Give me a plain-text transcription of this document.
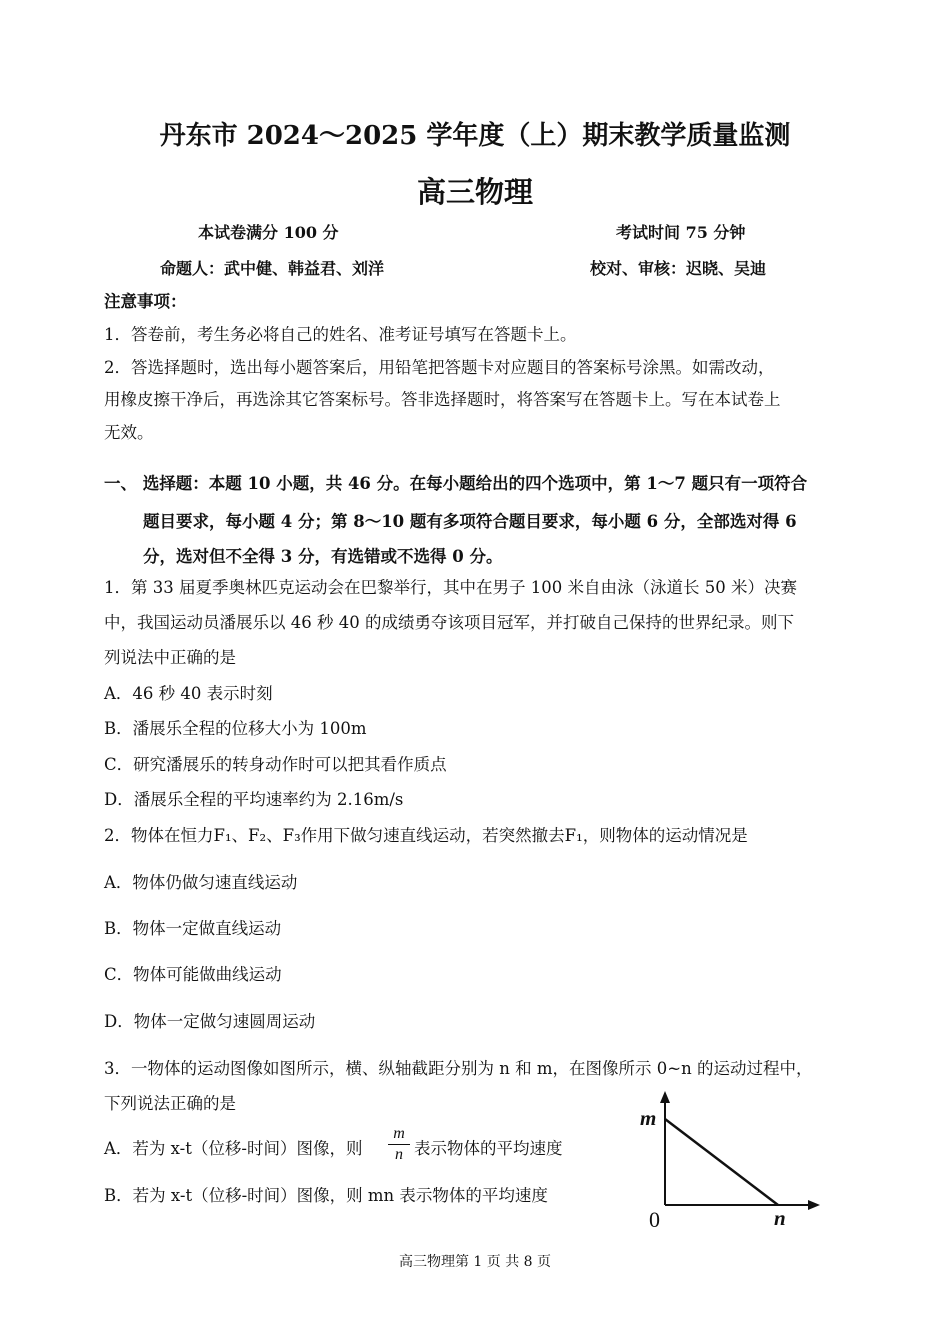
丹东市 2024～2025 学年度（上）期末教学质量监测
高三物理
本试卷满分 100 分	考试时间 75 分钟
命题人：武中健、韩益君、刘洋	校对、审核：迟晓、吴迪
注意事项：
1．答卷前，考生务必将自己的姓名、准考证号填写在答题卡上。
2．答选择题时，选出每小题答案后，用铅笔把答题卡对应题目的答案标号涂黑。如需改动，
用橡皮擦干净后，再选涂其它答案标号。答非选择题时，将答案写在答题卡上。写在本试卷上
无效。
一、 选择题：本题 10 小题，共 46 分。在每小题给出的四个选项中，第 1～7 题只有一项符合
题目要求，每小题 4 分；第 8～10 题有多项符合题目要求，每小题 6 分，全部选对得 6
分，选对但不全得 3 分，有选错或不选得 0 分。
1．第 33 届夏季奥林匹克运动会在巴黎举行，其中在男子 100 米自由泳（泳道长 50 米）决赛
中，我国运动员潘展乐以 46 秒 40 的成绩勇夺该项目冠军，并打破自己保持的世界纪录。则下
列说法中正确的是
A．46 秒 40 表示时刻
B．潘展乐全程的位移大小为 100m
C．研究潘展乐的转身动作时可以把其看作质点
D．潘展乐全程的平均速率约为 2.16m/s
2．物体在恒力F₁、F₂、F₃作用下做匀速直线运动，若突然撤去F₁，则物体的运动情况是
A．物体仍做匀速直线运动
B．物体一定做直线运动
C．物体可能做曲线运动
D．物体一定做匀速圆周运动
3．一物体的运动图像如图所示，横、纵轴截距分别为 n 和 m，在图像所示 0~n 的运动过程中，
下列说法正确的是
A．若为 x-t（位移-时间）图像，则
m
n 表示物体的平均速度
B．若为 x-t（位移-时间）图像，则 mn 表示物体的平均速度
m
0	n
高三物理第 1 页 共 8 页
